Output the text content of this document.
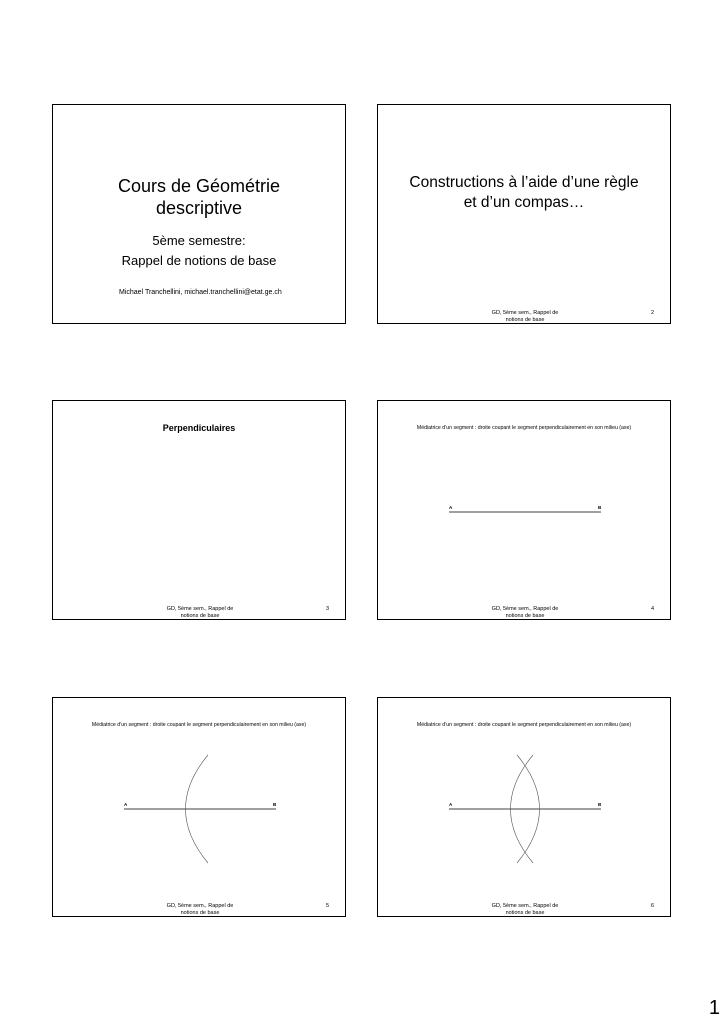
Cours de Géométrie
descriptive
5ème semestre:
Rappel de notions de base
Michael Tranchellini, michael.tranchellini@etat.ge.ch
Constructions à l’aide d’une règle
et d’un compas…
GD, 5ème sem., Rappel de
notions de base
2
Perpendiculaires
GD, 5ème sem., Rappel de
notions de base
3
Médiatrice d’un segment : droite coupant le segment perpendiculairement en son milieu (axe)
A	B
GD, 5ème sem., Rappel de
notions de base
4
Médiatrice d’un segment : droite coupant le segment perpendiculairement en son milieu (axe)
A	B
GD, 5ème sem., Rappel de
notions de base
5
Médiatrice d’un segment : droite coupant le segment perpendiculairement en son milieu (axe)
A	B
GD, 5ème sem., Rappel de
notions de base
6
1
